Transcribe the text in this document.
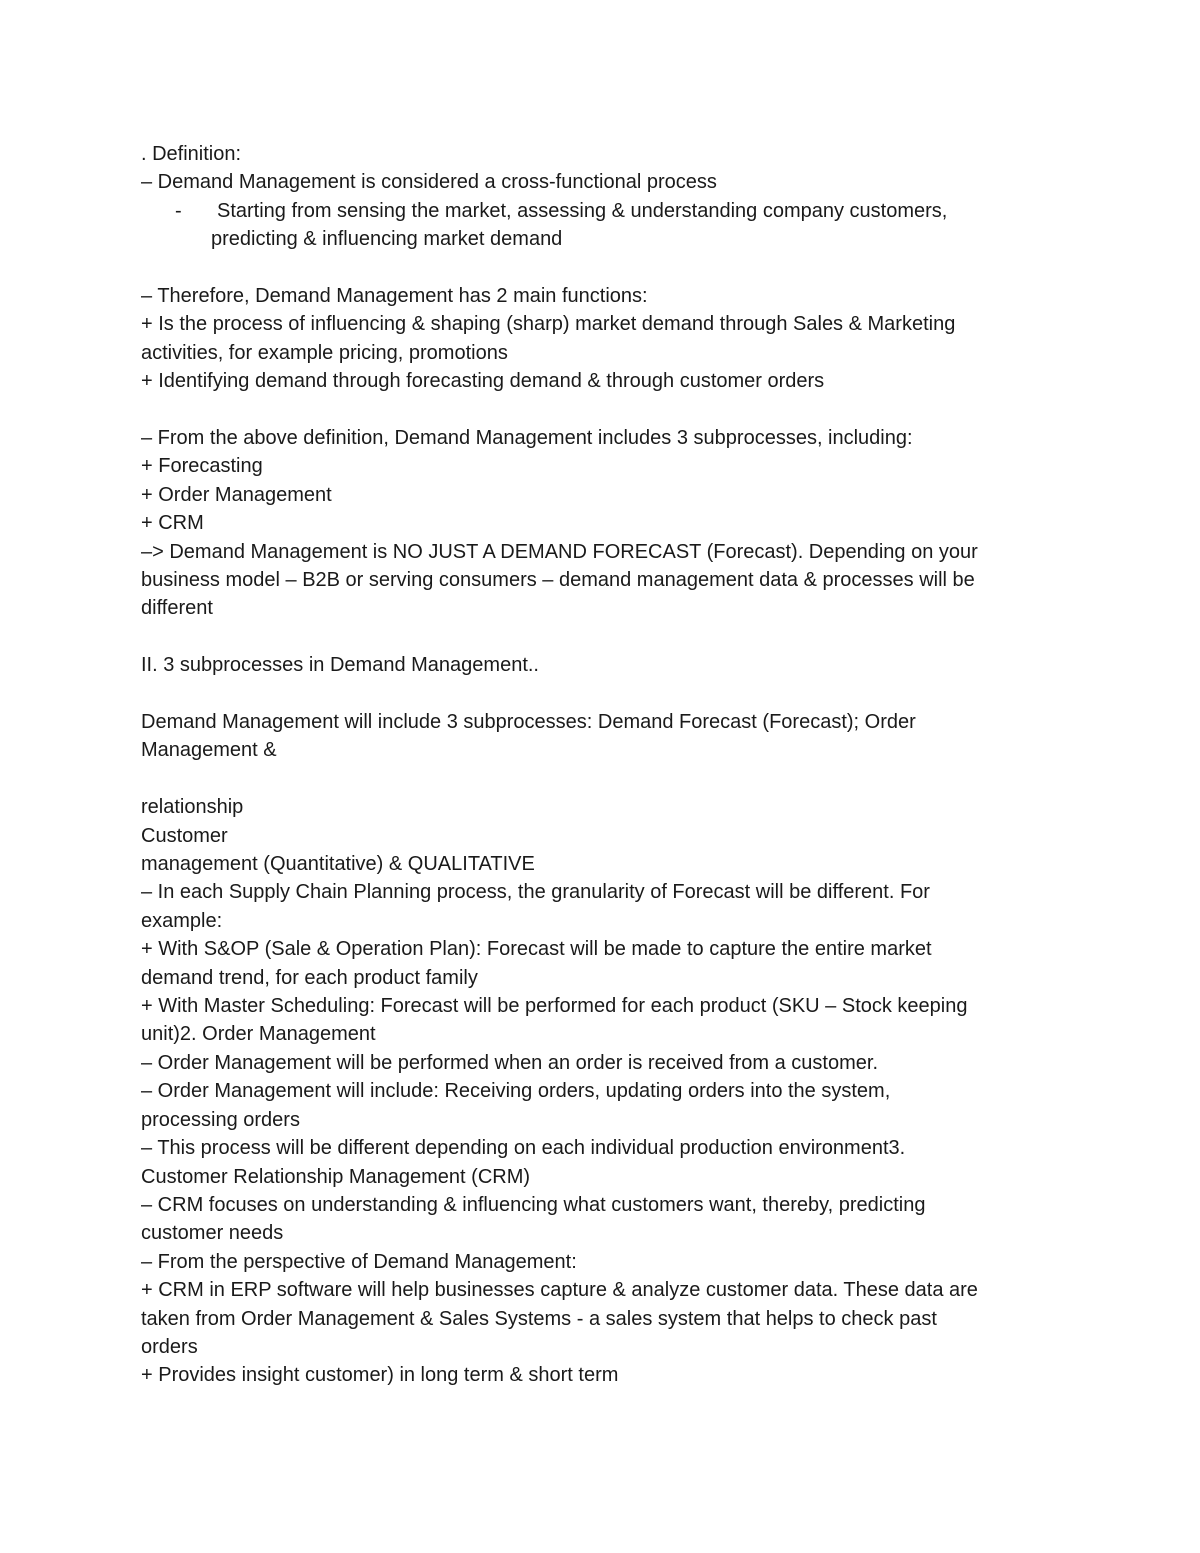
. Definition:
– Demand Management is considered a cross-functional process
- Starting from sensing the market, assessing & understanding company customers,
predicting & influencing market demand
– Therefore, Demand Management has 2 main functions:
+ Is the process of influencing & shaping (sharp) market demand through Sales & Marketing
activities, for example pricing, promotions
+ Identifying demand through forecasting demand & through customer orders
– From the above definition, Demand Management includes 3 subprocesses, including:
+ Forecasting
+ Order Management
+ CRM
–> Demand Management is NO JUST A DEMAND FORECAST (Forecast). Depending on your
business model – B2B or serving consumers – demand management data & processes will be
different
II. 3 subprocesses in Demand Management..
Demand Management will include 3 subprocesses: Demand Forecast (Forecast); Order
Management &
relationship
Customer
management (Quantitative) & QUALITATIVE
– In each Supply Chain Planning process, the granularity of Forecast will be different. For
example:
+ With S&OP (Sale & Operation Plan): Forecast will be made to capture the entire market
demand trend, for each product family
+ With Master Scheduling: Forecast will be performed for each product (SKU – Stock keeping
unit)2. Order Management
– Order Management will be performed when an order is received from a customer.
– Order Management will include: Receiving orders, updating orders into the system,
processing orders
– This process will be different depending on each individual production environment3.
Customer Relationship Management (CRM)
– CRM focuses on understanding & influencing what customers want, thereby, predicting
customer needs
– From the perspective of Demand Management:
+ CRM in ERP software will help businesses capture & analyze customer data. These data are
taken from Order Management & Sales Systems - a sales system that helps to check past
orders
+ Provides insight customer) in long term & short term
